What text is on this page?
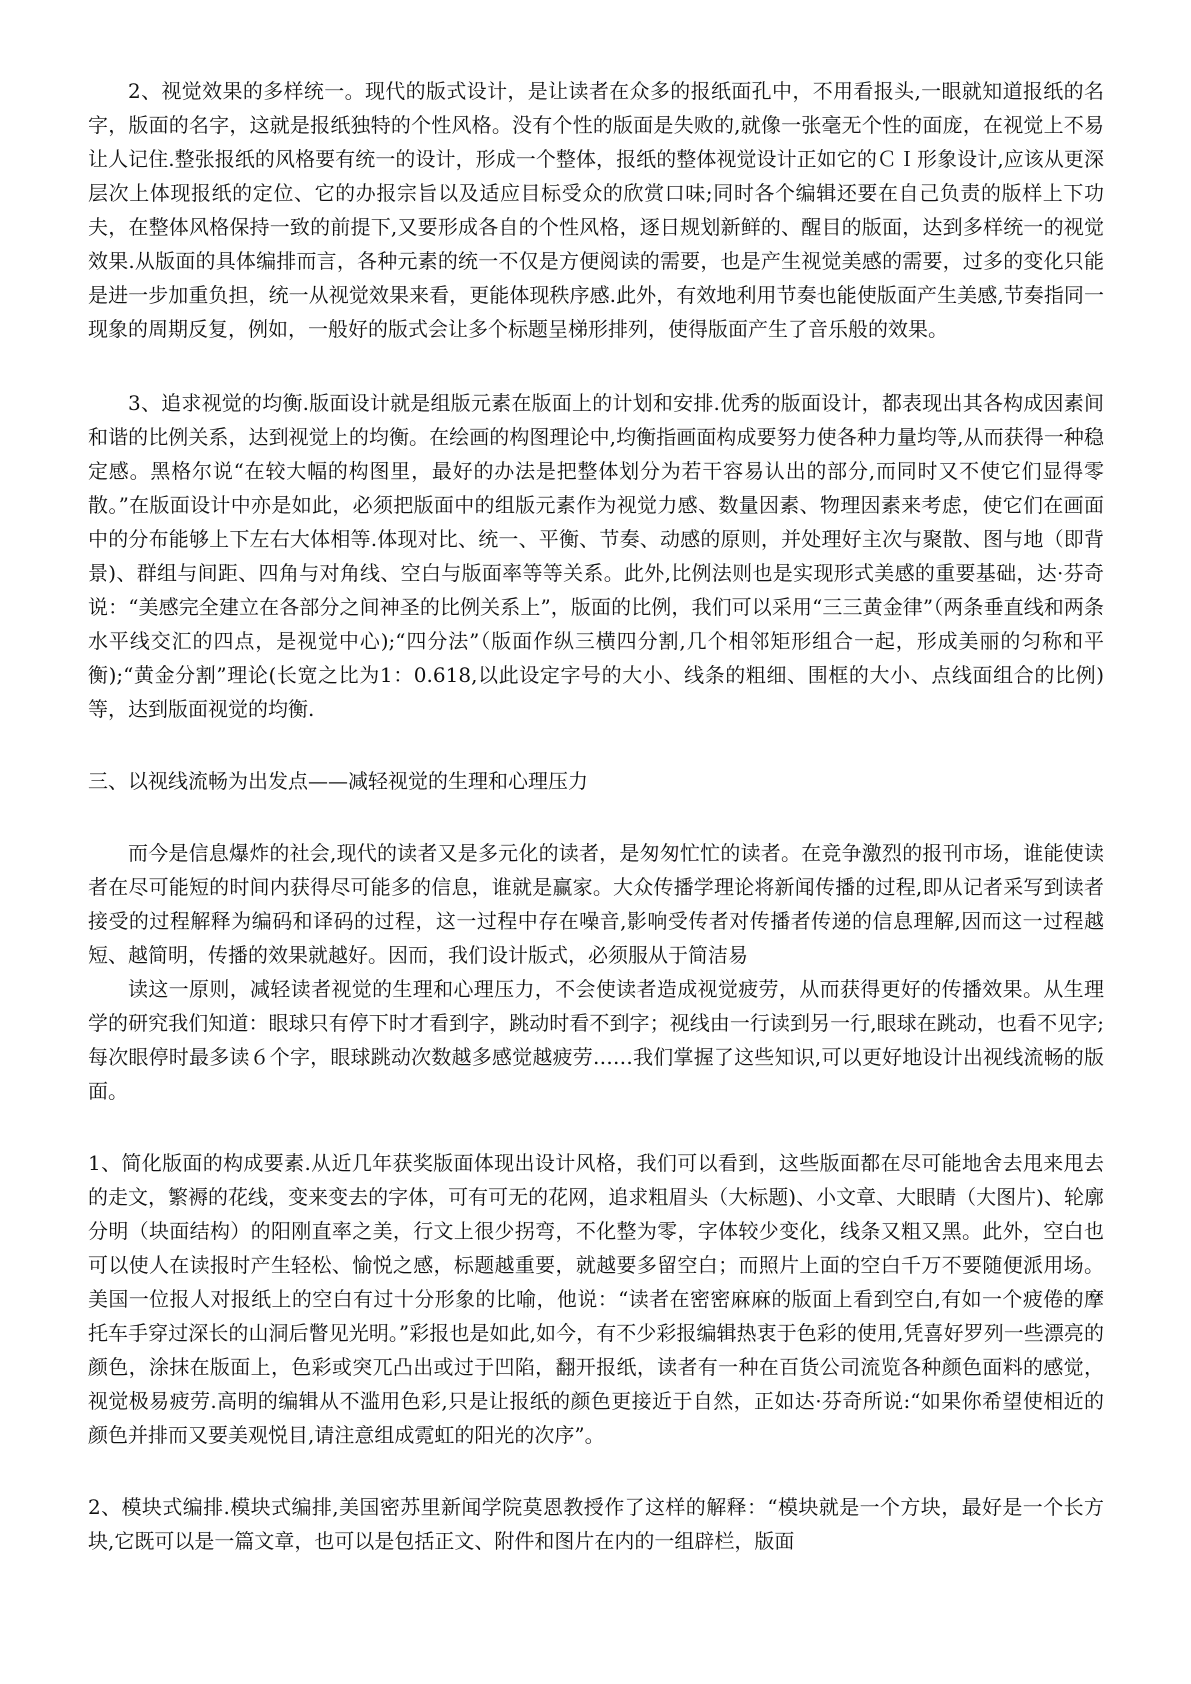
2、视觉效果的多样统一。现代的版式设计，是让读者在众多的报纸面孔中，不用看报头,一眼就知道报纸的名字，版面的名字，这就是报纸独特的个性风格。没有个性的版面是失败的,就像一张毫无个性的面庞，在视觉上不易让人记住.整张报纸的风格要有统一的设计，形成一个整体，报纸的整体视觉设计正如它的ＣＩ形象设计,应该从更深层次上体现报纸的定位、它的办报宗旨以及适应目标受众的欣赏口味;同时各个编辑还要在自己负责的版样上下功夫，在整体风格保持一致的前提下,又要形成各自的个性风格，逐日规划新鲜的、醒目的版面，达到多样统一的视觉效果.从版面的具体编排而言，各种元素的统一不仅是方便阅读的需要，也是产生视觉美感的需要，过多的变化只能是进一步加重负担，统一从视觉效果来看，更能体现秩序感.此外，有效地利用节奏也能使版面产生美感,节奏指同一现象的周期反复，例如，一般好的版式会让多个标题呈梯形排列，使得版面产生了音乐般的效果。

3、追求视觉的均衡.版面设计就是组版元素在版面上的计划和安排.优秀的版面设计，都表现出其各构成因素间和谐的比例关系，达到视觉上的均衡。在绘画的构图理论中,均衡指画面构成要努力使各种力量均等,从而获得一种稳定感。黑格尔说“在较大幅的构图里，最好的办法是把整体划分为若干容易认出的部分,而同时又不使它们显得零散。”在版面设计中亦是如此，必须把版面中的组版元素作为视觉力感、数量因素、物理因素来考虑，使它们在画面中的分布能够上下左右大体相等.体现对比、统一、平衡、节奏、动感的原则，并处理好主次与聚散、图与地（即背景)、群组与间距、四角与对角线、空白与版面率等等关系。此外,比例法则也是实现形式美感的重要基础，达·芬奇说：“美感完全建立在各部分之间神圣的比例关系上”，版面的比例，我们可以采用“三三黄金律”（两条垂直线和两条水平线交汇的四点，是视觉中心);“四分法”（版面作纵三横四分割,几个相邻矩形组合一起，形成美丽的匀称和平衡);“黄金分割”理论(长宽之比为1：0.618,以此设定字号的大小、线条的粗细、围框的大小、点线面组合的比例)等，达到版面视觉的均衡.

三、以视线流畅为出发点——减轻视觉的生理和心理压力

而今是信息爆炸的社会,现代的读者又是多元化的读者，是匆匆忙忙的读者。在竞争激烈的报刊市场，谁能使读者在尽可能短的时间内获得尽可能多的信息，谁就是赢家。大众传播学理论将新闻传播的过程,即从记者采写到读者接受的过程解释为编码和译码的过程，这一过程中存在噪音,影响受传者对传播者传递的信息理解,因而这一过程越短、越简明，传播的效果就越好。因而，我们设计版式，必须服从于简洁易

读这一原则，减轻读者视觉的生理和心理压力，不会使读者造成视觉疲劳，从而获得更好的传播效果。从生理学的研究我们知道：眼球只有停下时才看到字，跳动时看不到字；视线由一行读到另一行,眼球在跳动，也看不见字;每次眼停时最多读６个字，眼球跳动次数越多感觉越疲劳……我们掌握了这些知识,可以更好地设计出视线流畅的版面。

1、简化版面的构成要素.从近几年获奖版面体现出设计风格，我们可以看到，这些版面都在尽可能地舍去甩来甩去的走文，繁褥的花线，变来变去的字体，可有可无的花网，追求粗眉头（大标题)、小文章、大眼睛（大图片)、轮廓分明（块面结构）的阳刚直率之美，行文上很少拐弯，不化整为零，字体较少变化，线条又粗又黑。此外，空白也可以使人在读报时产生轻松、愉悦之感，标题越重要，就越要多留空白；而照片上面的空白千万不要随便派用场。美国一位报人对报纸上的空白有过十分形象的比喻，他说：“读者在密密麻麻的版面上看到空白,有如一个疲倦的摩托车手穿过深长的山洞后瞥见光明。”彩报也是如此,如今，有不少彩报编辑热衷于色彩的使用,凭喜好罗列一些漂亮的颜色，涂抹在版面上，色彩或突兀凸出或过于凹陷，翻开报纸，读者有一种在百货公司流览各种颜色面料的感觉，视觉极易疲劳.高明的编辑从不滥用色彩,只是让报纸的颜色更接近于自然，正如达·芬奇所说:“如果你希望使相近的颜色并排而又要美观悦目,请注意组成霓虹的阳光的次序”。

2、模块式编排.模块式编排,美国密苏里新闻学院莫恩教授作了这样的解释：“模块就是一个方块，最好是一个长方块,它既可以是一篇文章，也可以是包括正文、附件和图片在内的一组辟栏，版面
